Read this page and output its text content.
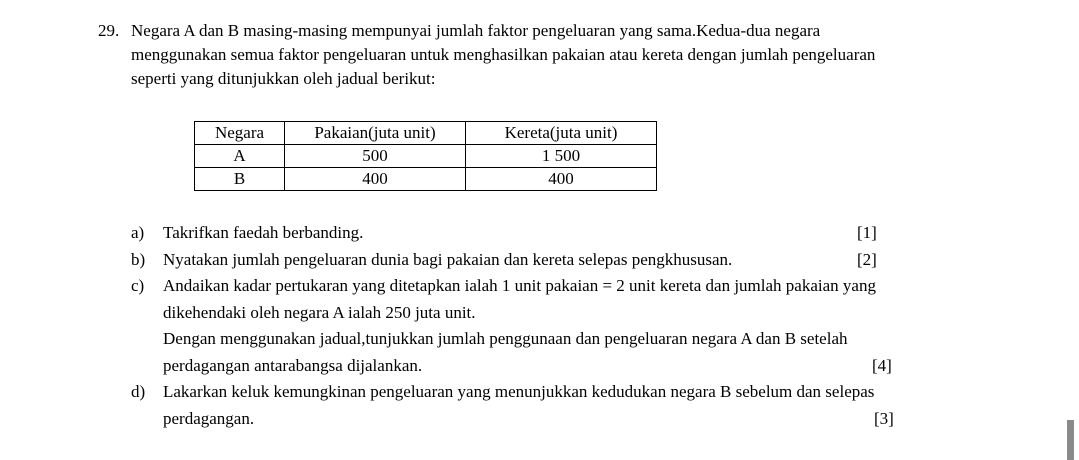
29. Negara A dan B masing-masing mempunyai jumlah faktor pengeluaran yang sama.Kedua-dua negara
menggunakan semua faktor pengeluaran untuk menghasilkan pakaian atau kereta dengan jumlah pengeluaran
seperti yang ditunjukkan oleh jadual berikut:
Negara	Pakaian(juta unit)	Kereta(juta unit)
A	500	1 500
B	400	400
a) Takrifkan faedah berbanding.	[1]
b) Nyatakan jumlah pengeluaran dunia bagi pakaian dan kereta selepas pengkhususan.	[2]
c) Andaikan kadar pertukaran yang ditetapkan ialah 1 unit pakaian = 2 unit kereta dan jumlah pakaian yang
dikehendaki oleh negara A ialah 250 juta unit.
Dengan menggunakan jadual,tunjukkan jumlah penggunaan dan pengeluaran negara A dan B setelah
perdagangan antarabangsa dijalankan.	[4]
d) Lakarkan keluk kemungkinan pengeluaran yang menunjukkan kedudukan negara B sebelum dan selepas
perdagangan.	[3]
